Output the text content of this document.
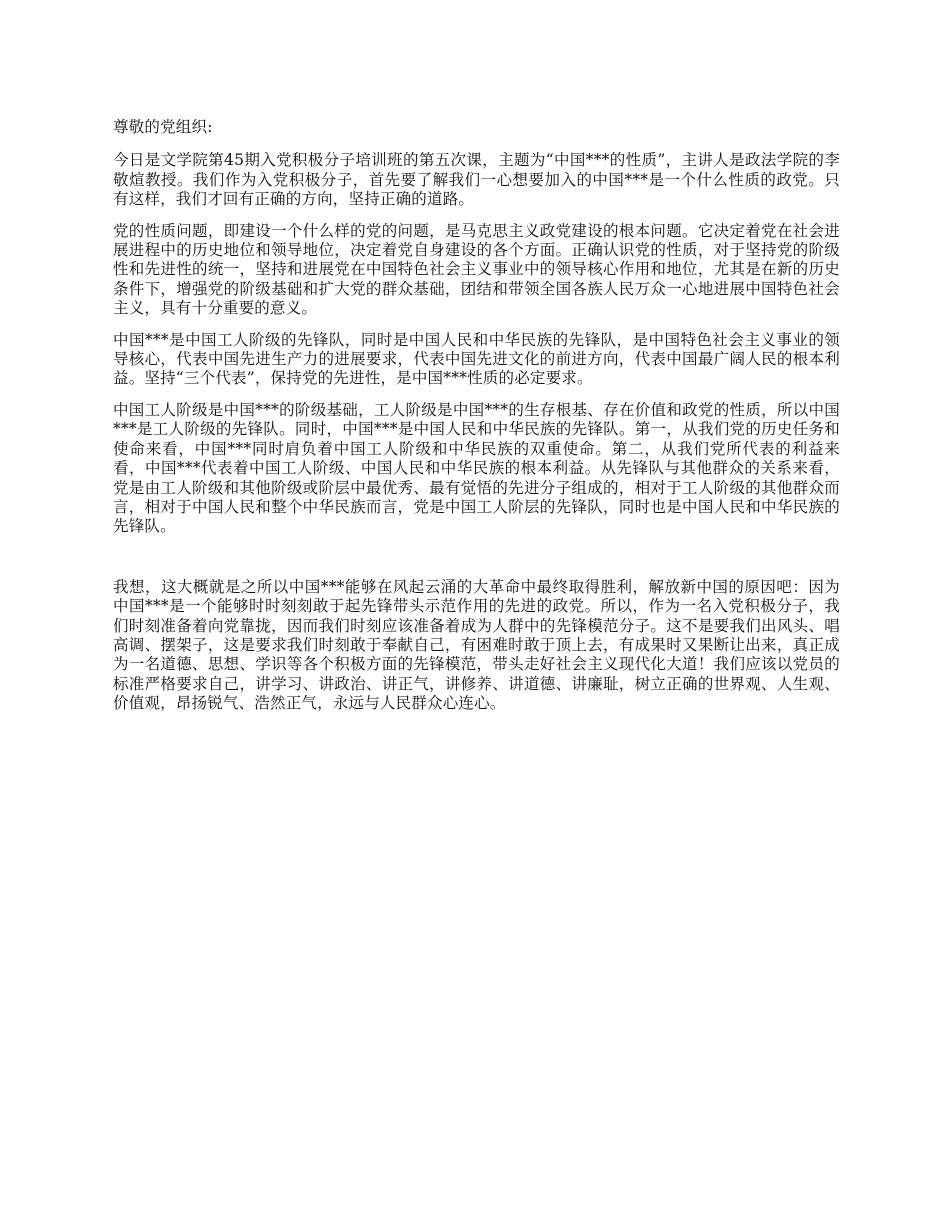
尊敬的党组织:

今日是文学院第45期入党积极分子培训班的第五次课，主题为“中国***的性质”，主讲人是政法学院的李敬煊教授。我们作为入党积极分子，首先要了解我们一心想要加入的中国***是一个什么性质的政党。只有这样，我们才回有正确的方向，坚持正确的道路。

党的性质问题，即建设一个什么样的党的问题，是马克思主义政党建设的根本问题。它决定着党在社会进展进程中的历史地位和领导地位，决定着党自身建设的各个方面。正确认识党的性质，对于坚持党的阶级性和先进性的统一，坚持和进展党在中国特色社会主义事业中的领导核心作用和地位，尤其是在新的历史条件下，增强党的阶级基础和扩大党的群众基础，团结和带领全国各族人民万众一心地进展中国特色社会主义，具有十分重要的意义。

中国***是中国工人阶级的先锋队，同时是中国人民和中华民族的先锋队，是中国特色社会主义事业的领导核心，代表中国先进生产力的进展要求，代表中国先进文化的前进方向，代表中国最广阔人民的根本利益。坚持“三个代表”，保持党的先进性，是中国***性质的必定要求。

中国工人阶级是中国***的阶级基础，工人阶级是中国***的生存根基、存在价值和政党的性质，所以中国***是工人阶级的先锋队。同时，中国***是中国人民和中华民族的先锋队。第一，从我们党的历史任务和使命来看，中国***同时肩负着中国工人阶级和中华民族的双重使命。第二，从我们党所代表的利益来看，中国***代表着中国工人阶级、中国人民和中华民族的根本利益。从先锋队与其他群众的关系来看，党是由工人阶级和其他阶级或阶层中最优秀、最有觉悟的先进分子组成的，相对于工人阶级的其他群众而言，相对于中国人民和整个中华民族而言，党是中国工人阶层的先锋队，同时也是中国人民和中华民族的先锋队。

我想，这大概就是之所以中国***能够在风起云涌的大革命中最终取得胜利，解放新中国的原因吧：因为中国***是一个能够时时刻刻敢于起先锋带头示范作用的先进的政党。所以，作为一名入党积极分子，我们时刻准备着向党靠拢，因而我们时刻应该准备着成为人群中的先锋模范分子。这不是要我们出风头、唱高调、摆架子，这是要求我们时刻敢于奉献自己，有困难时敢于顶上去，有成果时又果断让出来，真正成为一名道德、思想、学识等各个积极方面的先锋模范，带头走好社会主义现代化大道！我们应该以党员的标准严格要求自己，讲学习、讲政治、讲正气，讲修养、讲道德、讲廉耻，树立正确的世界观、人生观、价值观，昂扬锐气、浩然正气，永远与人民群众心连心。
